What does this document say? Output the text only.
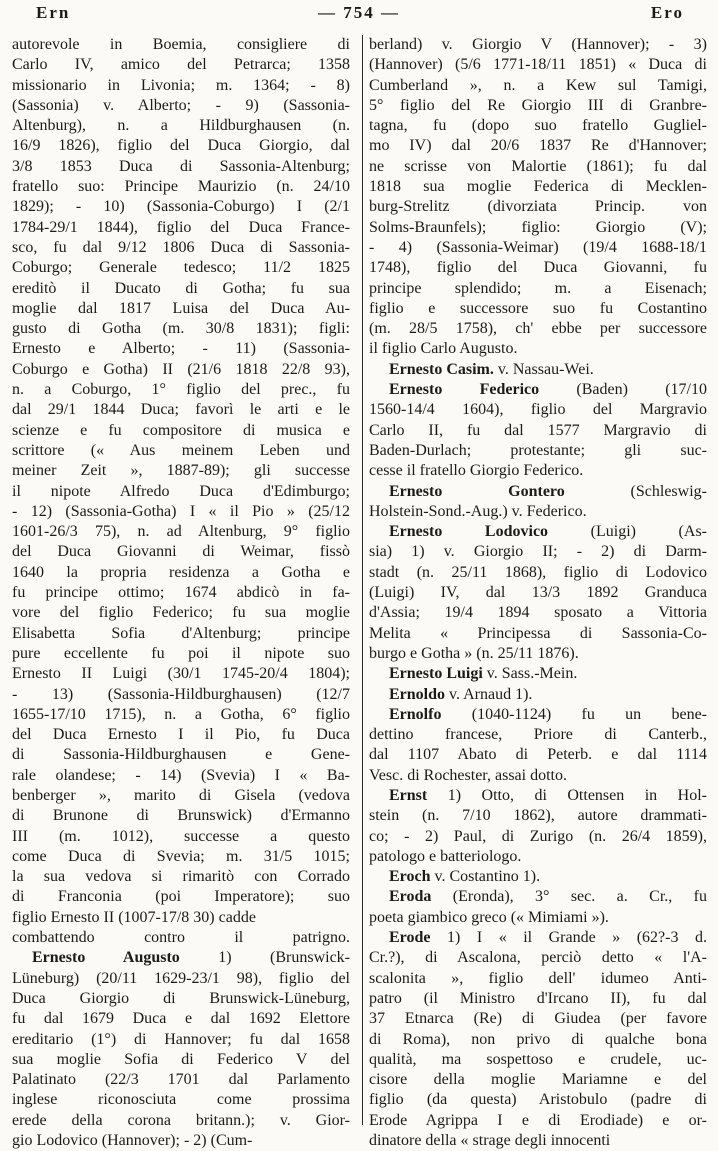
Ern	— 754 —	Ero
autorevole in Boemia, consigliere di
Carlo IV, amico del Petrarca; 1358
missionario in Livonia; m. 1364; - 8)
(Sassonia) v. Alberto; - 9) (Sassonia-
Altenburg), n. a Hildburghausen (n.
16/9 1826), figlio del Duca Giorgio, dal
3/8 1853 Duca di Sassonia-Altenburg;
fratello suo: Principe Maurizio (n. 24/10
1829); - 10) (Sassonia-Coburgo) I (2/1
1784-29/1 1844), figlio del Duca France-
sco, fu dal 9/12 1806 Duca di Sassonia-
Coburgo; Generale tedesco; 11/2 1825
ereditò il Ducato di Gotha; fu sua
moglie dal 1817 Luisa del Duca Au-
gusto di Gotha (m. 30/8 1831); figli:
Ernesto e Alberto; - 11) (Sassonia-
Coburgo e Gotha) II (21/6 1818 22/8 93),
n. a Coburgo, 1° figlio del prec., fu
dal 29/1 1844 Duca; favorì le arti e le
scienze e fu compositore di musica e
scrittore (« Aus meinem Leben und
meiner Zeit », 1887-89); gli successe
il nipote Alfredo Duca d'Edimburgo;
- 12) (Sassonia-Gotha) I « il Pio » (25/12
1601-26/3 75), n. ad Altenburg, 9° figlio
del Duca Giovanni di Weimar, fissò
1640 la propria residenza a Gotha e
fu principe ottimo; 1674 abdicò in fa-
vore del figlio Federico; fu sua moglie
Elisabetta Sofia d'Altenburg; principe
pure eccellente fu poi il nipote suo
Ernesto II Luigi (30/1 1745-20/4 1804);
- 13) (Sassonia-Hildburghausen) (12/7
1655-17/10 1715), n. a Gotha, 6° figlio
del Duca Ernesto I il Pio, fu Duca
di Sassonia-Hildburghausen e Gene-
rale olandese; - 14) (Svevia) I « Ba-
benberger », marito di Gisela (vedova
di Brunone di Brunswick) d'Ermanno
III (m. 1012), successe a questo
come Duca di Svevia; m. 31/5 1015;
la sua vedova si rimaritò con Corrado
di Franconia (poi Imperatore); suo
figlio Ernesto II (1007-17/8 30) cadde
combattendo contro il patrigno.
Ernesto Augusto 1) (Brunswick-
Lüneburg) (20/11 1629-23/1 98), figlio del
Duca Giorgio di Brunswick-Lüneburg,
fu dal 1679 Duca e dal 1692 Elettore
ereditario (1°) di Hannover; fu dal 1658
sua moglie Sofia di Federico V del
Palatinato (22/3 1701 dal Parlamento
inglese riconosciuta come prossima
erede della corona britann.); v. Gior-
gio Lodovico (Hannover); - 2) (Cum-
berland) v. Giorgio V (Hannover); - 3)
(Hannover) (5/6 1771-18/11 1851) « Duca di
Cumberland », n. a Kew sul Tamigi,
5° figlio del Re Giorgio III di Granbre-
tagna, fu (dopo suo fratello Gugliel-
mo IV) dal 20/6 1837 Re d'Hannover;
ne scrisse von Malortie (1861); fu dal
1818 sua moglie Federica di Mecklen-
burg-Strelitz (divorziata Princip. von
Solms-Braunfels); figlio: Giorgio (V);
- 4) (Sassonia-Weimar) (19/4 1688-18/1
1748), figlio del Duca Giovanni, fu
principe splendido; m. a Eisenach;
figlio e successore suo fu Costantino
(m. 28/5 1758), ch' ebbe per successore
il figlio Carlo Augusto.
Ernesto Casim. v. Nassau-Wei.
Ernesto Federico (Baden) (17/10
1560-14/4 1604), figlio del Margravio
Carlo II, fu dal 1577 Margravio di
Baden-Durlach; protestante; gli suc-
cesse il fratello Giorgio Federico.
Ernesto Gontero (Schleswig-
Holstein-Sond.-Aug.) v. Federico.
Ernesto Lodovico (Luigi) (As-
sia) 1) v. Giorgio II; - 2) di Darm-
stadt (n. 25/11 1868), figlio di Lodovico
(Luigi) IV, dal 13/3 1892 Granduca
d'Assia; 19/4 1894 sposato a Vittoria
Melita « Principessa di Sassonia-Co-
burgo e Gotha » (n. 25/11 1876).
Ernesto Luigi v. Sass.-Mein.
Ernoldo v. Arnaud 1).
Ernolfo (1040-1124) fu un bene-
dettino francese, Priore di Canterb.,
dal 1107 Abato di Peterb. e dal 1114
Vesc. di Rochester, assai dotto.
Ernst 1) Otto, di Ottensen in Hol-
stein (n. 7/10 1862), autore drammati-
co; - 2) Paul, di Zurigo (n. 26/4 1859),
patologo e batteriologo.
Eroch v. Costantino 1).
Eroda (Eronda), 3° sec. a. Cr., fu
poeta giambico greco (« Mimiami »).
Erode 1) I « il Grande » (62?-3 d.
Cr.?), di Ascalona, perciò detto « l'A-
scalonita », figlio dell' idumeo Anti-
patro (il Ministro d'Ircano II), fu dal
37 Etnarca (Re) di Giudea (per favore
di Roma), non privo di qualche bona
qualità, ma sospettoso e crudele, uc-
cisore della moglie Mariamne e del
figlio (da questa) Aristobulo (padre di
Erode Agrippa I e di Erodiade) e or-
dinatore della « strage degli innocenti
